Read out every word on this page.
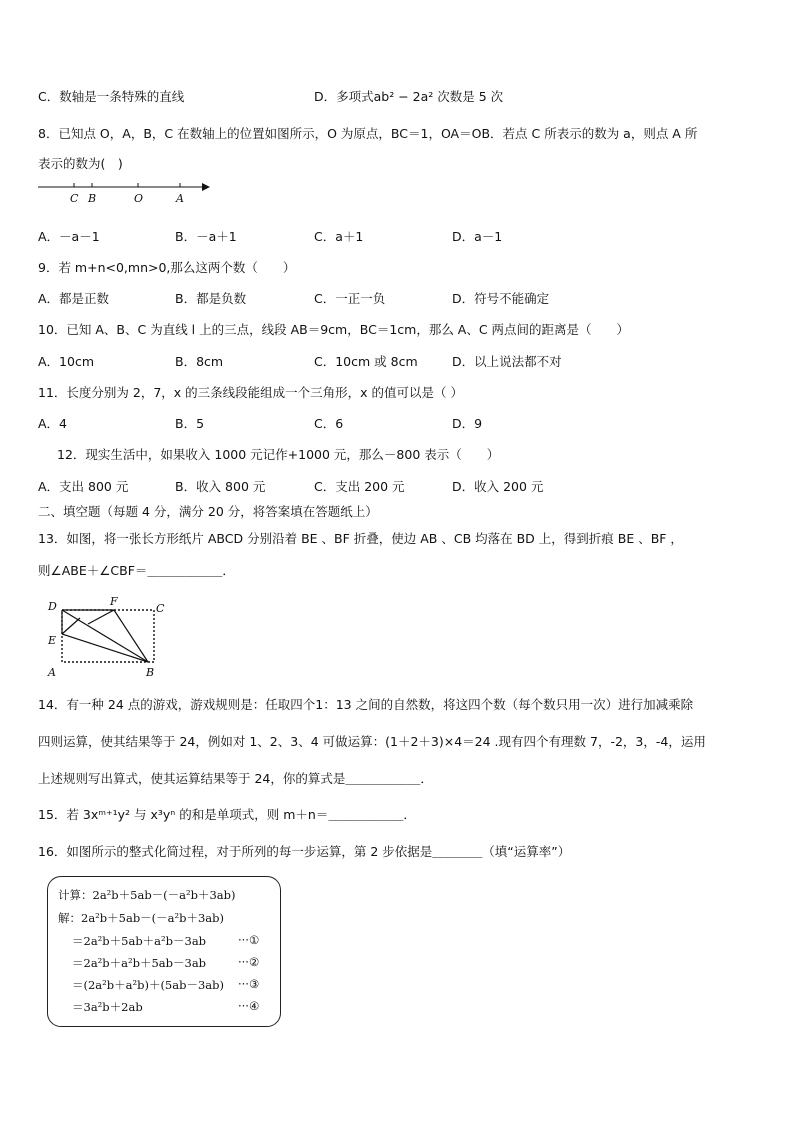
C．数轴是一条特殊的直线	D．多项式ab² − 2a² 次数是 5 次
8．已知点 O，A，B，C 在数轴上的位置如图所示，O 为原点，BC＝1，OA＝OB．若点 C 所表示的数为 a，则点 A 所
表示的数为(　)
C B	O	A
A．－a－1	B．－a＋1	C．a＋1	D．a－1
9．若 m+n<0,mn>0,那么这两个数（　　）
A．都是正数	B．都是负数	C．一正一负	D．符号不能确定
10．已知 A、B、C 为直线 l 上的三点，线段 AB＝9cm，BC＝1cm，那么 A、C 两点间的距离是（　　）
A．10cm	B．8cm	C．10cm 或 8cm	D．以上说法都不对
11．长度分别为 2，7，x 的三条线段能组成一个三角形，x 的值可以是（ ）
A．4	B．5	C．6	D．9
12．现实生活中，如果收入 1000 元记作+1000 元，那么－800 表示（　　）
A．支出 800 元	B．收入 800 元	C．支出 200 元	D．收入 200 元
二、填空题（每题 4 分，满分 20 分，将答案填在答题纸上）
13．如图，将一张长方形纸片 ABCD 分别沿着 BE 、BF 折叠，使边 AB 、CB 均落在 BD 上，得到折痕 BE 、BF ，
则∠ABE＋∠CBF＝＿＿＿＿＿＿．
D	F
C
E
A	B
14．有一种 24 点的游戏，游戏规则是：任取四个1：13 之间的自然数，将这四个数（每个数只用一次）进行加减乘除
四则运算，使其结果等于 24，例如对 1、2、3、4 可做运算：(1＋2＋3)×4＝24 .现有四个有理数 7，-2，3，-4，运用
上述规则写出算式，使其运算结果等于 24，你的算式是＿＿＿＿＿＿．
15．若 3xᵐ⁺¹y² 与 x³yⁿ 的和是单项式，则 m＋n＝＿＿＿＿＿＿．
16．如图所示的整式化简过程，对于所列的每一步运算，第 2 步依据是＿＿＿＿（填“运算率”）
计算：2a²b＋5ab－(－a²b＋3ab)
解：2a²b＋5ab－(－a²b＋3ab)
＝2a²b＋5ab＋a²b－3ab	···①
＝2a²b＋a²b＋5ab－3ab	···②
＝(2a²b＋a²b)＋(5ab－3ab) ···③
＝3a²b＋2ab	···④
